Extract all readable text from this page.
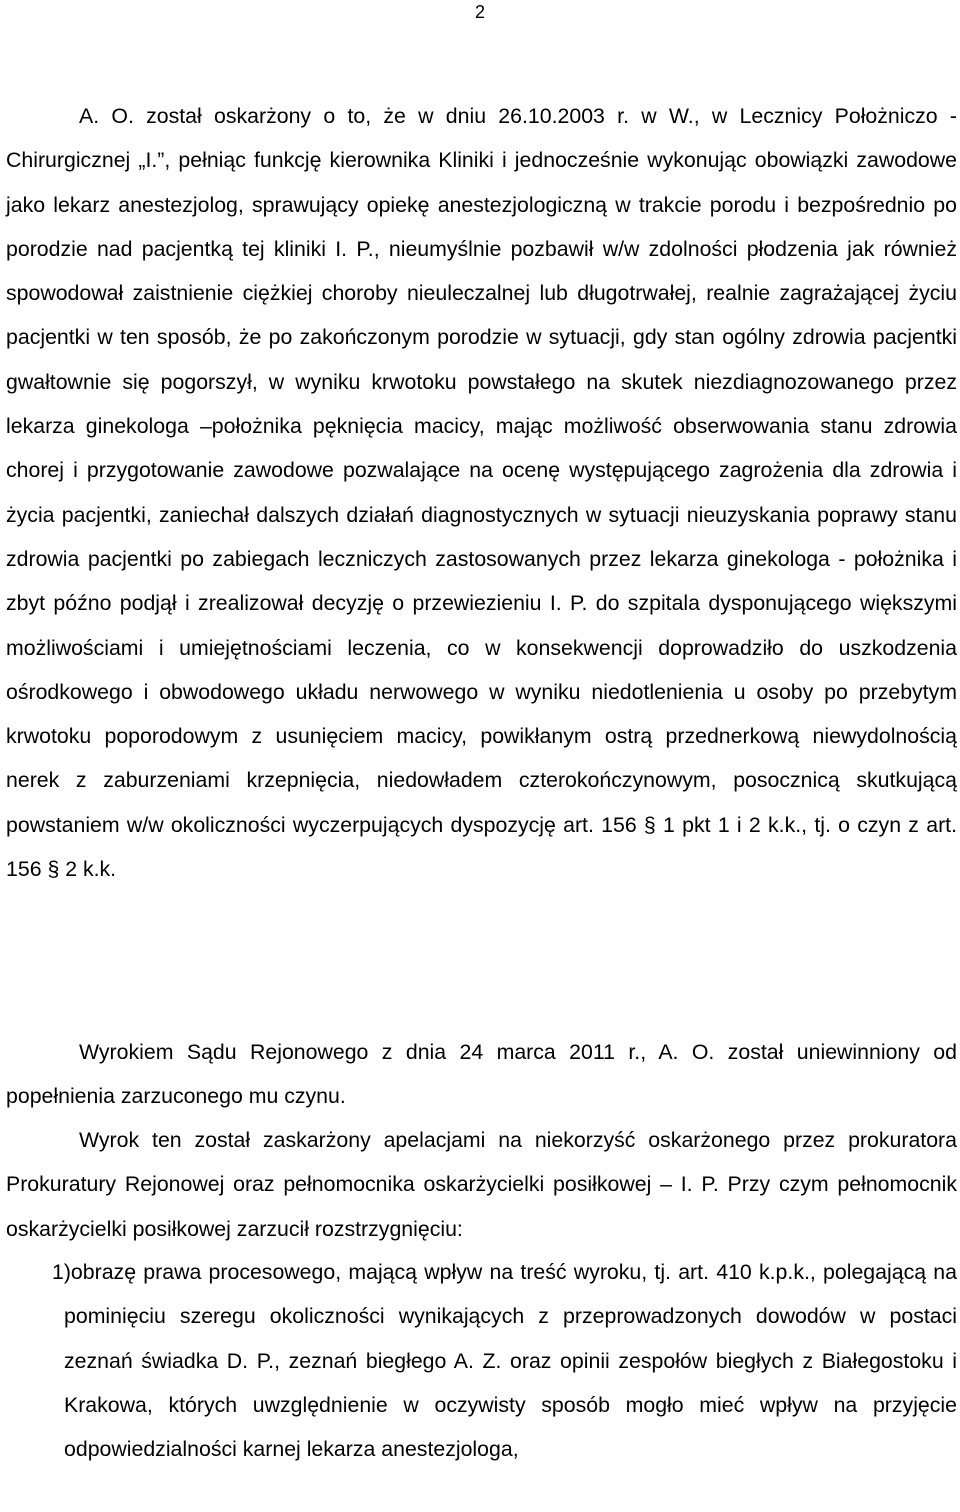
2

A. O. został oskarżony o to, że w dniu 26.10.2003 r. w W., w Lecznicy Położniczo - Chirurgicznej „I.”, pełniąc funkcję kierownika Kliniki i jednocześnie wykonując obowiązki zawodowe jako lekarz anestezjolog, sprawujący opiekę anestezjologiczną w trakcie porodu i bezpośrednio po porodzie nad pacjentką tej kliniki I. P., nieumyślnie pozbawił w/w zdolności płodzenia jak również spowodował zaistnienie ciężkiej choroby nieuleczalnej lub długotrwałej, realnie zagrażającej życiu pacjentki w ten sposób, że po zakończonym porodzie w sytuacji, gdy stan ogólny zdrowia pacjentki gwałtownie się pogorszył, w wyniku krwotoku powstałego na skutek niezdiagnozowanego przez lekarza ginekologa –położnika pęknięcia macicy, mając możliwość obserwowania stanu zdrowia chorej i przygotowanie zawodowe pozwalające na ocenę występującego zagrożenia dla zdrowia i życia pacjentki, zaniechał dalszych działań diagnostycznych w sytuacji nieuzyskania poprawy stanu zdrowia pacjentki po zabiegach leczniczych zastosowanych przez lekarza ginekologa - położnika i zbyt późno podjął i zrealizował decyzję o przewiezieniu I. P. do szpitala dysponującego większymi możliwościami i umiejętnościami leczenia, co w konsekwencji doprowadziło do uszkodzenia ośrodkowego i obwodowego układu nerwowego w wyniku niedotlenienia u osoby po przebytym krwotoku poporodowym z usunięciem macicy, powikłanym ostrą przednerkową niewydolnością nerek z zaburzeniami krzepnięcia, niedowładem czterokończynowym, posocznicą skutkującą powstaniem w/w okoliczności wyczerpujących dyspozycję art. 156 § 1 pkt 1 i 2 k.k., tj. o czyn z art. 156 § 2 k.k.

Wyrokiem Sądu Rejonowego z dnia 24 marca 2011 r., A. O. został uniewinniony od popełnienia zarzuconego mu czynu.

Wyrok ten został zaskarżony apelacjami na niekorzyść oskarżonego przez prokuratora Prokuratury Rejonowej oraz pełnomocnika oskarżycielki posiłkowej – I. P. Przy czym pełnomocnik oskarżycielki posiłkowej zarzucił rozstrzygnięciu:

1)obrazę prawa procesowego, mającą wpływ na treść wyroku, tj. art. 410 k.p.k., polegającą na pominięciu szeregu okoliczności wynikających z przeprowadzonych dowodów w postaci zeznań świadka D. P., zeznań biegłego A. Z. oraz opinii zespołów biegłych z Białegostoku i Krakowa, których uwzględnienie w oczywisty sposób mogło mieć wpływ na przyjęcie odpowiedzialności karnej lekarza anestezjologa,
